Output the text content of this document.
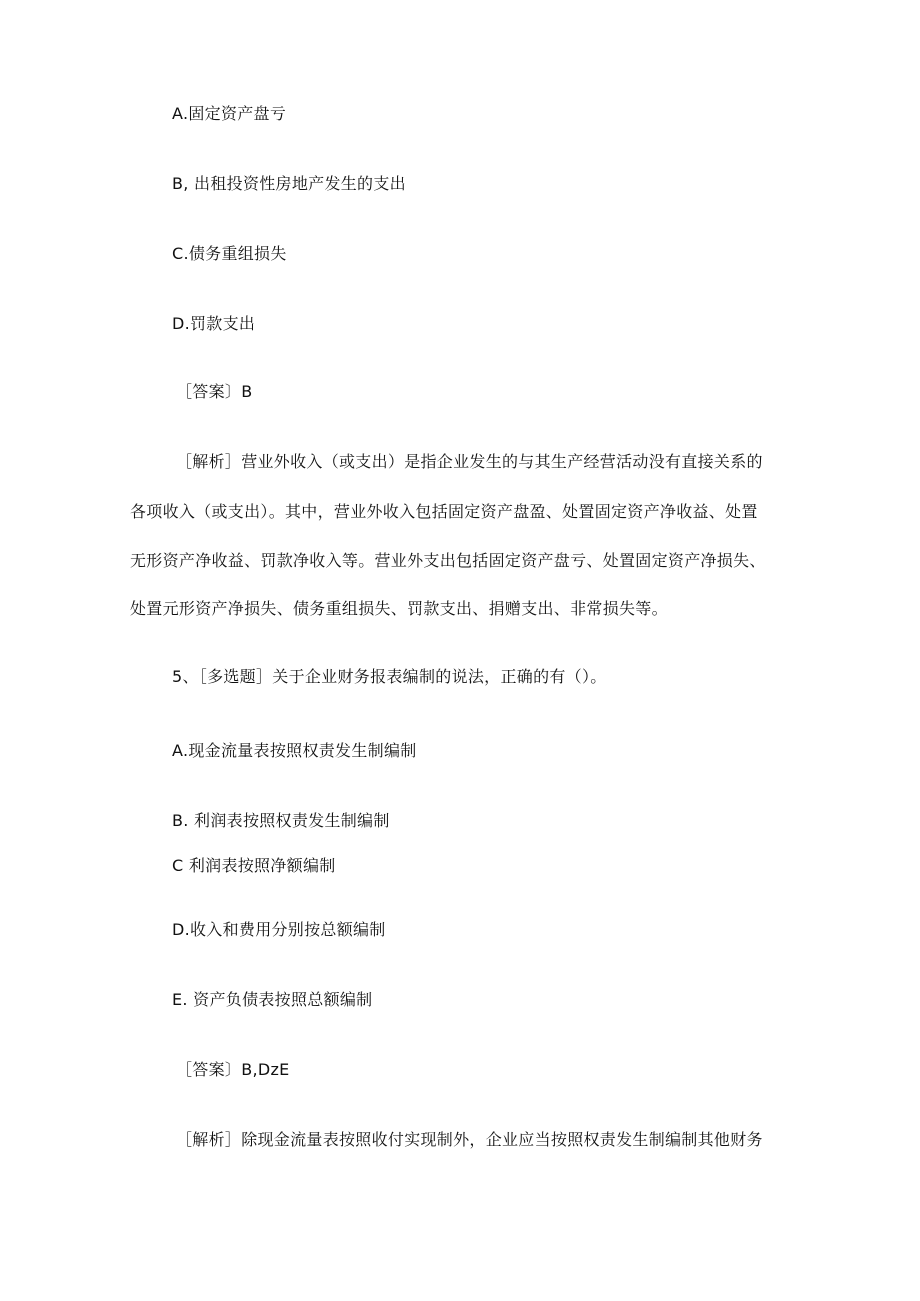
A.固定资产盘亏
B, 出租投资性房地产发生的支出
C.债务重组损失
D.罚款支出
［答案〕B
［解析］营业外收入（或支出）是指企业发生的与其生产经营活动没有直接关系的
各项收入（或支出）。其中，营业外收入包括固定资产盘盈、处置固定资产净收益、处置
无形资产净收益、罚款净收入等。营业外支出包括固定资产盘亏、处置固定资产净损失、
处置元形资产净损失、债务重组损失、罚款支出、捐赠支出、非常损失等。
5、［多选题］关于企业财务报表编制的说法，正确的有（）。
A.现金流量表按照权责发生制编制
B. 利润表按照权责发生制编制
C 利润表按照净额编制
D.收入和费用分别按总额编制
E. 资产负债表按照总额编制
［答案〕B,DzE
［解析］除现金流量表按照收付实现制外，企业应当按照权责发生制编制其他财务
